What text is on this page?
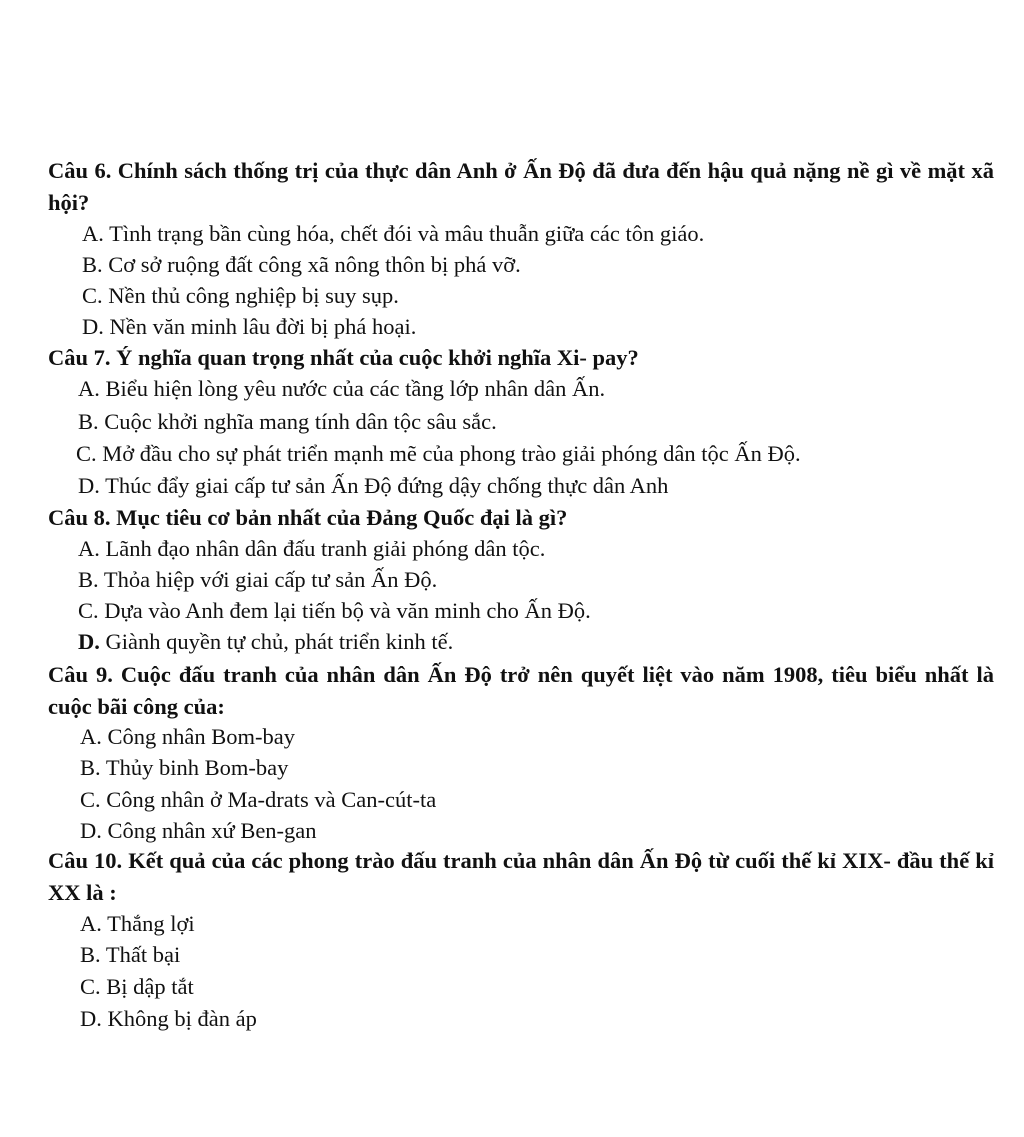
Câu 6. Chính sách thống trị của thực dân Anh ở Ấn Độ đã đưa đến hậu quả nặng nề gì về mặt xã hội?
A. Tình trạng bần cùng hóa, chết đói và mâu thuẫn giữa các tôn giáo.
B. Cơ sở ruộng đất công xã nông thôn bị phá vỡ.
C. Nền thủ công nghiệp bị suy sụp.
D. Nền văn minh lâu đời bị phá hoại.
Câu 7. Ý nghĩa quan trọng nhất của cuộc khởi nghĩa Xi- pay?
A. Biểu hiện lòng yêu nước của các tầng lớp nhân dân Ấn.
B. Cuộc khởi nghĩa mang tính dân tộc sâu sắc.
C. Mở đầu cho sự phát triển mạnh mẽ của phong trào giải phóng dân tộc Ấn Độ.
D. Thúc đẩy giai cấp tư sản Ấn Độ đứng dậy chống thực dân Anh
Câu 8. Mục tiêu cơ bản nhất của Đảng Quốc đại là gì?
A. Lãnh đạo nhân dân đấu tranh giải phóng dân tộc.
B. Thỏa hiệp với giai cấp tư sản Ấn Độ.
C. Dựa vào Anh đem lại tiến bộ và văn minh cho Ấn Độ.
D. Giành quyền tự chủ, phát triển kinh tế.
Câu 9. Cuộc đấu tranh của nhân dân Ấn Độ trở nên quyết liệt vào năm 1908, tiêu biểu nhất là cuộc bãi công của:
A. Công nhân Bom-bay
B. Thủy binh Bom-bay
C. Công nhân ở Ma-drats và Can-cút-ta
D. Công nhân xứ Ben-gan
Câu 10. Kết quả của các phong trào đấu tranh của nhân dân Ấn Độ từ cuối thế kỉ XIX- đầu thế kỉ XX là :
A. Thắng lợi
B. Thất bại
C. Bị dập tắt
D. Không bị đàn áp
